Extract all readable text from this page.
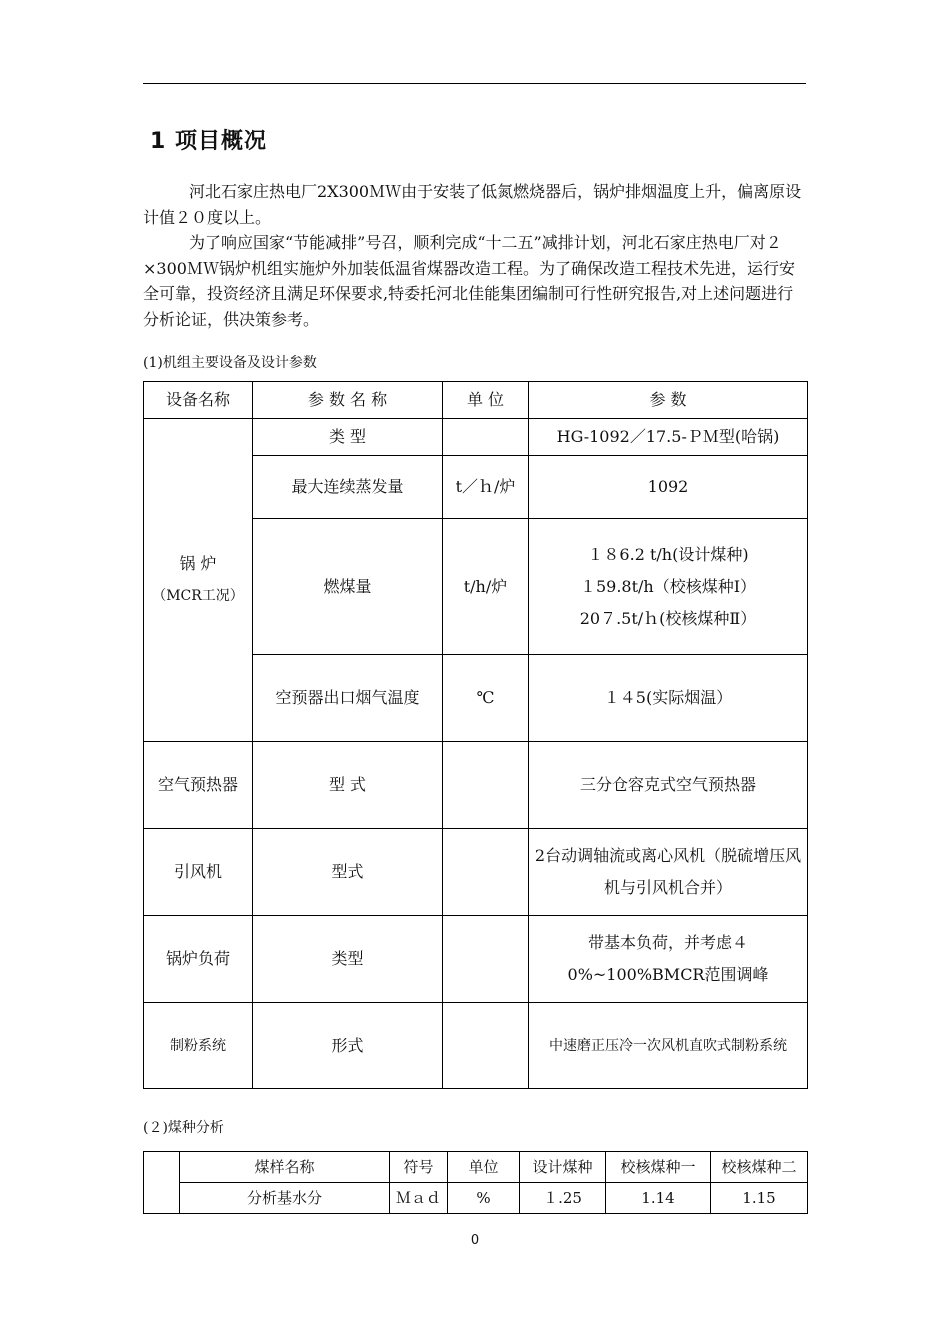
1 项目概况

河北石家庄热电厂2X300ＭＷ由于安装了低氮燃烧器后，锅炉排烟温度上升，偏离原设计值２０度以上。

为了响应国家“节能减排”号召，顺利完成“十二五”减排计划，河北石家庄热电厂对２×300ＭＷ锅炉机组实施炉外加装低温省煤器改造工程。为了确保改造工程技术先进，运行安全可靠，投资经济且满足环保要求,特委托河北佳能集团编制可行性研究报告,对上述问题进行分析论证，供决策参考。

(1)机组主要设备及设计参数
设备名称	参 数 名 称	单 位	参 数

锅 炉
（MCR工况）	类 型		HG-1092／17.5-ＰＭ型(哈锅)
	最大连续蒸发量	t／ｈ/炉	1092
	燃煤量	t/h/炉	１８6.2 t/h(设计煤种)
１59.8t/h（校核煤种Ⅰ）
20７.5t/ｈ(校核煤种Ⅱ）

	空预器出口烟气温度	℃	１４5(实际烟温）
空气预热器	型 式		三分仓容克式空气预热器
引风机	型式		2台动调轴流或离心风机（脱硫增压风机与引风机合并）
锅炉负荷	类型		带基本负荷，并考虑４0%~100%BMCR范围调峰
制粉系统	形式		中速磨正压冷一次风机直吹式制粉系统
(２)煤种分析
	煤样名称	符号	单位	设计煤种	校核煤种一	校核煤种二
	分析基水分	Ｍａｄ	%	１.25	1.14	1.15
0
